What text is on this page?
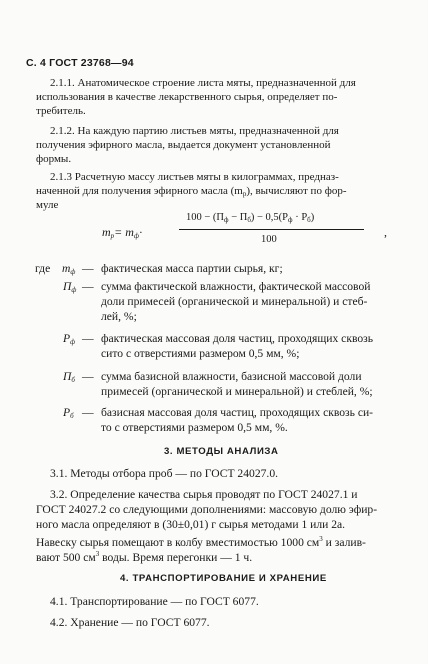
С. 4 ГОСТ 23768—94
2.1.1. Анатомическое строение листа мяты, предназначенной для
использования в качестве лекарственного сырья, определяет по-
требитель.
2.1.2. На каждую партию листьев мяты, предназначенной для
получения эфирного масла, выдается документ установленной
формы.
2.1.3 Расчетную массу листьев мяты в килограммах, предназ-
наченной для получения эфирного масла $(m_р)$, вычисляют по фор-
муле
$m_р= m_ф\cdot$
$100 - (П_ф - П_б) - 0,5(P_ф \cdot P_б)$
100
,
где $m_ф$ — фактическая масса партии сырья, кг;
$П_ф$ — сумма фактической влажности, фактической массовой
доли примесей (органической и минеральной) и стеб-
лей, %;
$P_ф$ — фактическая массовая доля частиц, проходящих сквозь
сито с отверстиями размером 0,5 мм, %;
$П_б$ — сумма базисной влажности, базисной массовой доли
примесей (органической и минеральной) и стеблей, %;
$P_б$ — базисная массовая доля частиц, проходящих сквозь си-
то с отверстиями размером 0,5 мм, %.
3. МЕТОДЫ АНАЛИЗА
3.1. Методы отбора проб — по ГОСТ 24027.0.
3.2. Определение качества сырья проводят по ГОСТ 24027.1 и
ГОСТ 24027.2 со следующими дополнениями: массовую долю эфир-
ного масла определяют в (30±0,01) г сырья методами 1 или 2а.
Навеску сырья помещают в колбу вместимостью 1000 $см^3$ и залив-
вают 500 $см^3$ воды. Время перегонки — 1 ч.
4. ТРАНСПОРТИРОВАНИЕ И ХРАНЕНИЕ
4.1. Транспортирование — по ГОСТ 6077.
4.2. Хранение — по ГОСТ 6077.
